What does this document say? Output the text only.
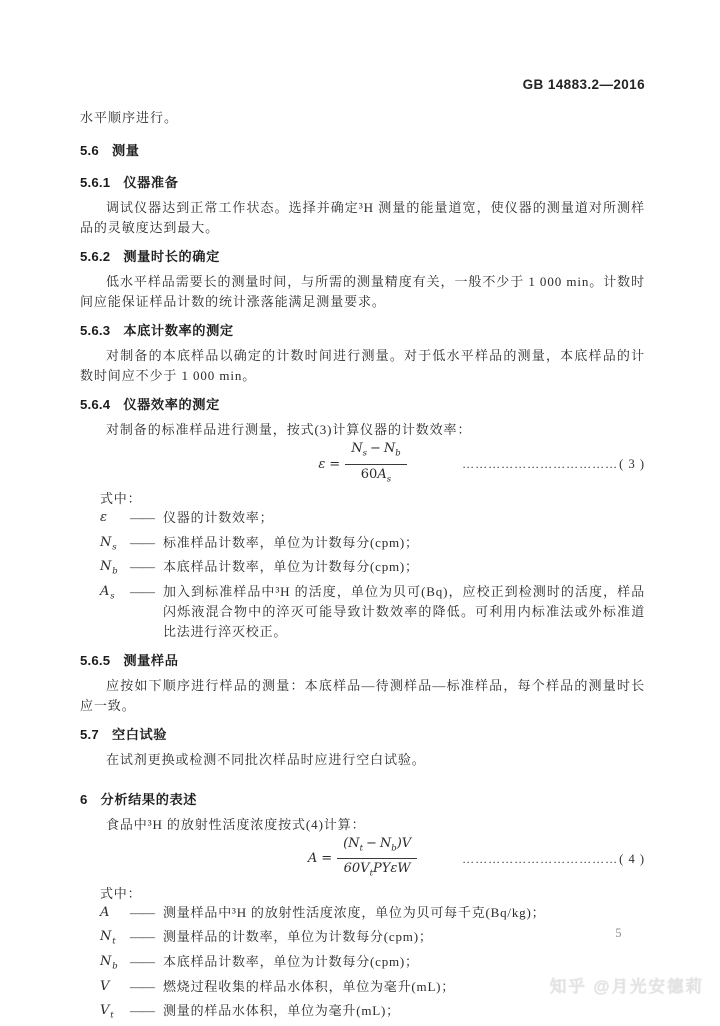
GB 14883.2—2016
水平顺序进行。
5.6 测量
5.6.1 仪器准备

调试仪器达到正常工作状态。选择并确定³H 测量的能量道宽，使仪器的测量道对所测样品的灵敏度达到最大。

5.6.2 测量时长的确定

低水平样品需要长的测量时间，与所需的测量精度有关，一般不少于 1 000 min。计数时间应能保证样品计数的统计涨落能满足测量要求。

5.6.3 本底计数率的测定

对制备的本底样品以确定的计数时间进行测量。对于低水平样品的测量，本底样品的计数时间应不少于 1 000 min。

5.6.4 仪器效率的测定

对制备的标准样品进行测量，按式(3)计算仪器的计数效率：

$\varepsilon = \frac{N_s - N_b}{60A_s}$	………………………………( 3 )
式中：
ε	—— 仪器的计数效率；
$N_s$ —— 标准样品计数率，单位为计数每分(cpm)；
$N_b$ —— 本底样品计数率，单位为计数每分(cpm)；
$A_s$	—— 加入到标准样品中³H 的活度，单位为贝可(Bq)，应校正到检测时的活度，样品闪烁液混合物中的淬灭可能导致计数效率的降低。可利用内标准法或外标准道比法进行淬灭校正。
5.6.5 测量样品

应按如下顺序进行样品的测量：本底样品—待测样品—标准样品，每个样品的测量时长应一致。

5.7 空白试验

在试剂更换或检测不同批次样品时应进行空白试验。

6 分析结果的表述

食品中³H 的放射性活度浓度按式(4)计算：

$A = \frac{(N_t - N_b)V}{60V_tPY\varepsilon W}$	………………………………( 4 )
式中：
A	—— 测量样品中³H 的放射性活度浓度，单位为贝可每千克(Bq/kg)；
$N_t$	—— 测量样品的计数率，单位为计数每分(cpm)；
$N_b$ —— 本底样品计数率，单位为计数每分(cpm)；
V	—— 燃烧过程收集的样品水体积，单位为毫升(mL)；
$V_t$	—— 测量的样品水体积，单位为毫升(mL)；
5
知乎 @月光安德莉
